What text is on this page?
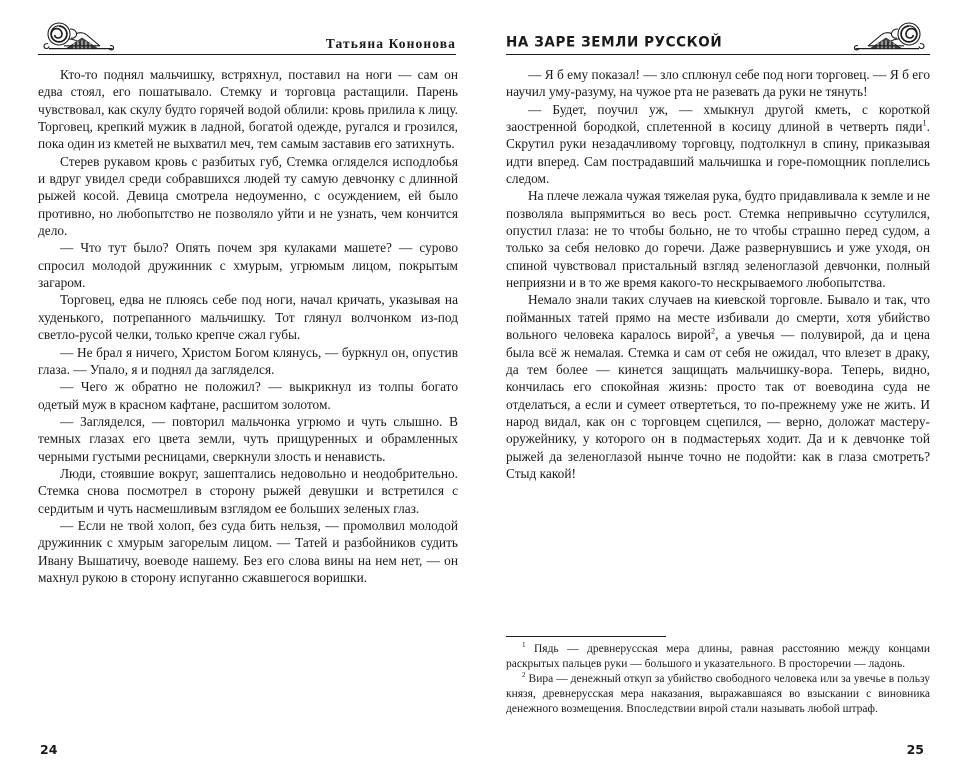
Татьяна Кононова

Кто-то поднял мальчишку, встряхнул, поставил на ноги — сам он едва стоял, его пошатывало. Стемку и торговца растащили. Парень чувствовал, как скулу будто горячей водой облили: кровь прилила к лицу. Торговец, крепкий мужик в ладной, богатой одежде, ругался и грозился, пока один из кметей не выхватил меч, тем самым заставив его затихнуть.

Стерев рукавом кровь с разбитых губ, Стемка огляделся исподлобья и вдруг увидел среди собравшихся людей ту самую девчонку с длинной рыжей косой. Девица смотрела недоуменно, с осуждением, ей было противно, но любопытство не позволяло уйти и не узнать, чем кончится дело.

— Что тут было? Опять почем зря кулаками машете? — сурово спросил молодой дружинник с хмурым, угрюмым лицом, покрытым загаром.

Торговец, едва не плюясь себе под ноги, начал кричать, указывая на худенького, потрепанного мальчишку. Тот глянул волчонком из-под светло-русой челки, только крепче сжал губы.

— Не брал я ничего, Христом Богом клянусь, — буркнул он, опустив глаза. — Упало, я и поднял да загляделся.

— Чего ж обратно не положил? — выкрикнул из толпы богато одетый муж в красном кафтане, расшитом золотом.

— Загляделся, — повторил мальчонка угрюмо и чуть слышно. В темных глазах его цвета земли, чуть прищуренных и обрамленных черными густыми ресницами, сверкнули злость и ненависть.

Люди, стоявшие вокруг, зашептались недовольно и неодобрительно. Стемка снова посмотрел в сторону рыжей девушки и встретился с сердитым и чуть насмешливым взглядом ее больших зеленых глаз.

— Если не твой холоп, без суда бить нельзя, — промолвил молодой дружинник с хмурым загорелым лицом. — Татей и разбойников судить Ивану Вышатичу, воеводе нашему. Без его слова вины на нем нет, — он махнул рукою в сторону испуганно сжавшегося воришки.

24
НА ЗАРЕ ЗЕМЛИ РУССКОЙ

— Я б ему показал! — зло сплюнул себе под ноги торговец. — Я б его научил уму-разуму, на чужое рта не разевать да руки не тянуть!

— Будет, поучил уж, — хмыкнул другой кметь, с короткой заостренной бородкой, сплетенной в косицу длиной в четверть пяди$^1$. Скрутил руки незадачливому торговцу, подтолкнул в спину, приказывая идти вперед. Сам пострадавший мальчишка и горе-помощник поплелись следом.

На плече лежала чужая тяжелая рука, будто придавливала к земле и не позволяла выпрямиться во весь рост. Стемка непривычно ссутулился, опустил глаза: не то чтобы больно, не то чтобы страшно перед судом, а только за себя неловко до горечи. Даже развернувшись и уже уходя, он спиной чувствовал пристальный взгляд зеленоглазой девчонки, полный неприязни и в то же время какого-то нескрываемого любопытства.

Немало знали таких случаев на киевской торговле. Бывало и так, что пойманных татей прямо на месте избивали до смерти, хотя убийство вольного человека каралось вирой$^2$, а увечья — полувирой, да и цена была всё ж немалая. Стемка и сам от себя не ожидал, что влезет в драку, да тем более — кинется защищать мальчишку-вора. Теперь, видно, кончилась его спокойная жизнь: просто так от воеводина суда не отделаться, а если и сумеет отвертеться, то по-прежнему уже не жить. И народ видал, как он с торговцем сцепился, — верно, доложат мастеру-оружейнику, у которого он в подмастерьях ходит. Да и к девчонке той рыжей да зеленоглазой нынче точно не подойти: как в глаза смотреть? Стыд какой!

$^1$ Пядь — древнерусская мера длины, равная расстоянию между концами раскрытых пальцев руки — большого и указательного. В просторечии — ладонь.

$^2$ Вира — денежный откуп за убийство свободного человека или за увечье в пользу князя, древнерусская мера наказания, выражавшаяся во взыскании с виновника денежного возмещения. Впоследствии вирой стали называть любой штраф.

25
